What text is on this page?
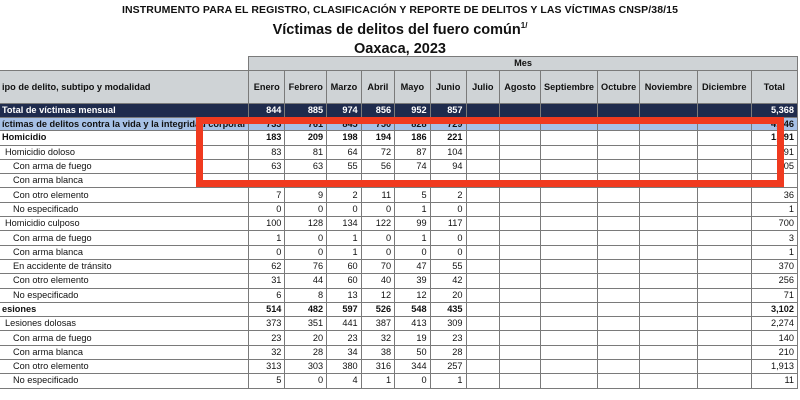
INSTRUMENTO PARA EL REGISTRO, CLASIFICACIÓN Y REPORTE DE DELITOS Y LAS VÍCTIMAS CNSP/38/15
Víctimas de delitos del fuero común$^{1/}$
Oaxaca, 2023
	Mes												
ipo de delito, subtipo y modalidad	Enero	Febrero	Marzo	Abril	Mayo	Junio	Julio	Agosto	Septiembre	Octubre	Noviembre	Diciembre	Total
Total de víctimas mensual	844	885	974	856	952	857							5,368
íctimas de delitos contra la vida y la integridad corporal	733	761	845	750	828	729							4,646
Homicidio	183	209	198	194	186	221							1,191
Homicidio doloso	83	81	64	72	87	104							491
Con arma de fuego	63	63	55	56	74	94							405
Con arma blanca													
Con otro elemento	7	9	2	11	5	2							36
No especificado	0	0	0	0	1	0							1
Homicidio culposo	100	128	134	122	99	117							700
Con arma de fuego	1	0	1	0	1	0							3
Con arma blanca	0	0	1	0	0	0							1
En accidente de tránsito	62	76	60	70	47	55							370
Con otro elemento	31	44	60	40	39	42							256
No especificado	6	8	13	12	12	20							71
esiones	514	482	597	526	548	435							3,102
Lesiones dolosas	373	351	441	387	413	309							2,274
Con arma de fuego	23	20	23	32	19	23							140
Con arma blanca	32	28	34	38	50	28							210
Con otro elemento	313	303	380	316	344	257							1,913
No especificado	5	0	4	1	0	1							11
